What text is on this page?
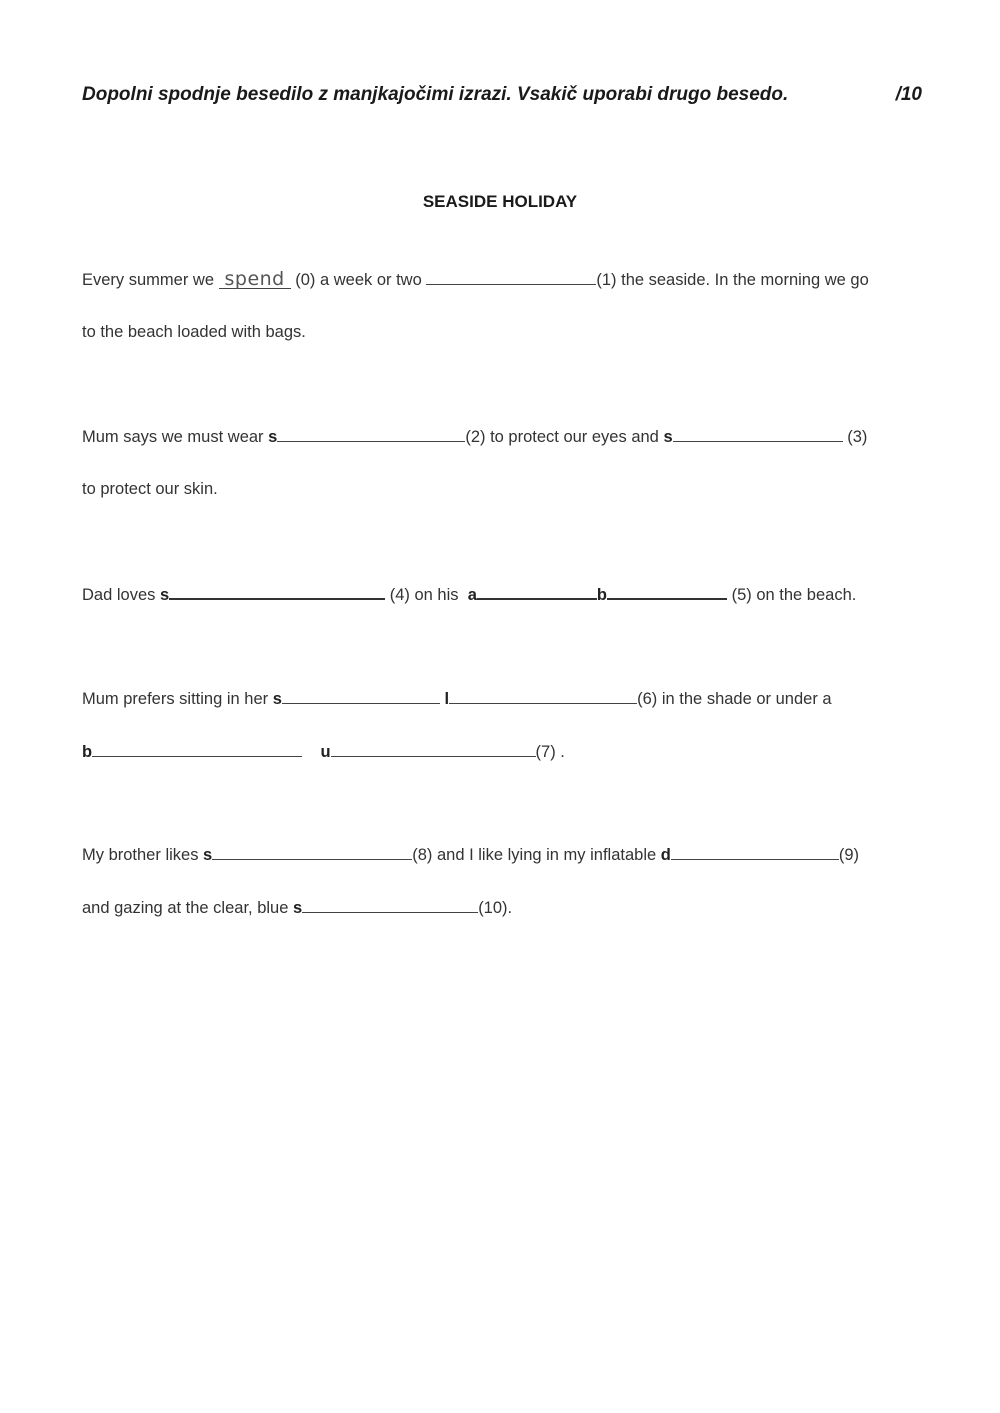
Dopolni spodnje besedilo z manjkajočimi izrazi. Vsakič uporabi drugo besedo.	/10
SEASIDE HOLIDAY
Every summer we spend (0) a week or two	(1) the seaside. In the morning we go
to the beach loaded with bags.
Mum says we must wear s	(2) to protect our eyes and s	(3)
to protect our skin.
Dad loves s	(4) on his a	b	(5) on the beach.
Mum prefers sitting in her s	l	(6) in the shade or under a
b	u	(7) .
My brother likes s	(8) and I like lying in my inflatable d	(9)
and gazing at the clear, blue s	(10).
